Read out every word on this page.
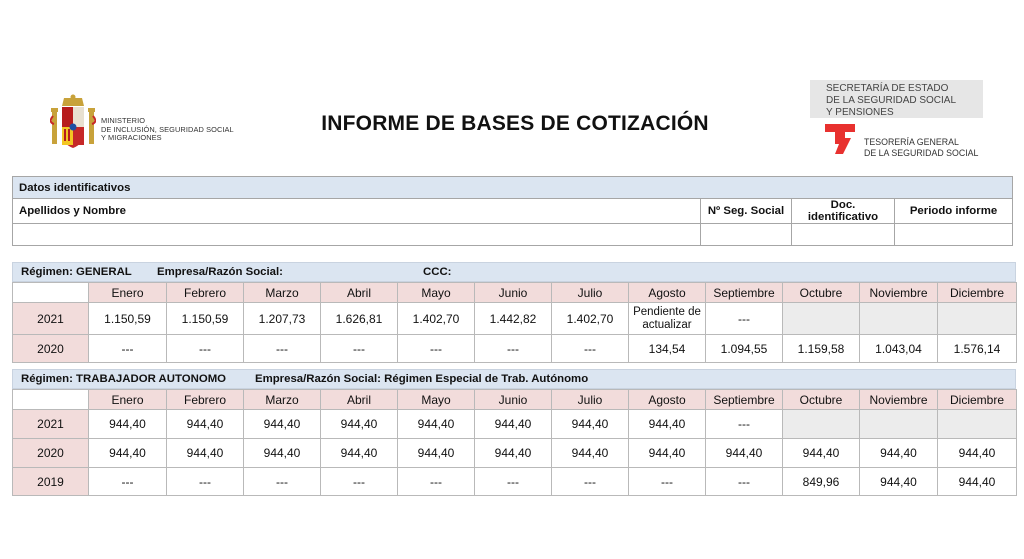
MINISTERIO
DE INCLUSIÓN, SEGURIDAD SOCIAL
Y MIGRACIONES
INFORME DE BASES DE COTIZACIÓN
SECRETARÍA DE ESTADO
DE LA SEGURIDAD SOCIAL
Y PENSIONES
TESORERÍA GENERAL
DE LA SEGURIDAD SOCIAL
Datos identificativos			
Apellidos y Nombre	Nº Seg. Social	Doc. identificativo	Periodo informe

Régimen: GENERAL Empresa/Razón Social:	CCC:
	Enero	Febrero	Marzo	Abril	Mayo	Junio	Julio	Agosto	Septiembre	Octubre	Noviembre	Diciembre
2021	1.150,59	1.150,59	1.207,73	1.626,81	1.402,70	1.442,82	1.402,70	Pendiente de actualizar	---			
2020	---	---	---	---	---	---	---	134,54	1.094,55	1.159,58	1.043,04	1.576,14
Régimen: TRABAJADOR AUTONOMO	Empresa/Razón Social: Régimen Especial de Trab. Autónomo
	Enero	Febrero	Marzo	Abril	Mayo	Junio	Julio	Agosto	Septiembre	Octubre	Noviembre	Diciembre
2021	944,40	944,40	944,40	944,40	944,40	944,40	944,40	944,40	---			
2020	944,40	944,40	944,40	944,40	944,40	944,40	944,40	944,40	944,40	944,40	944,40	944,40
2019	---	---	---	---	---	---	---	---	---	849,96	944,40	944,40
